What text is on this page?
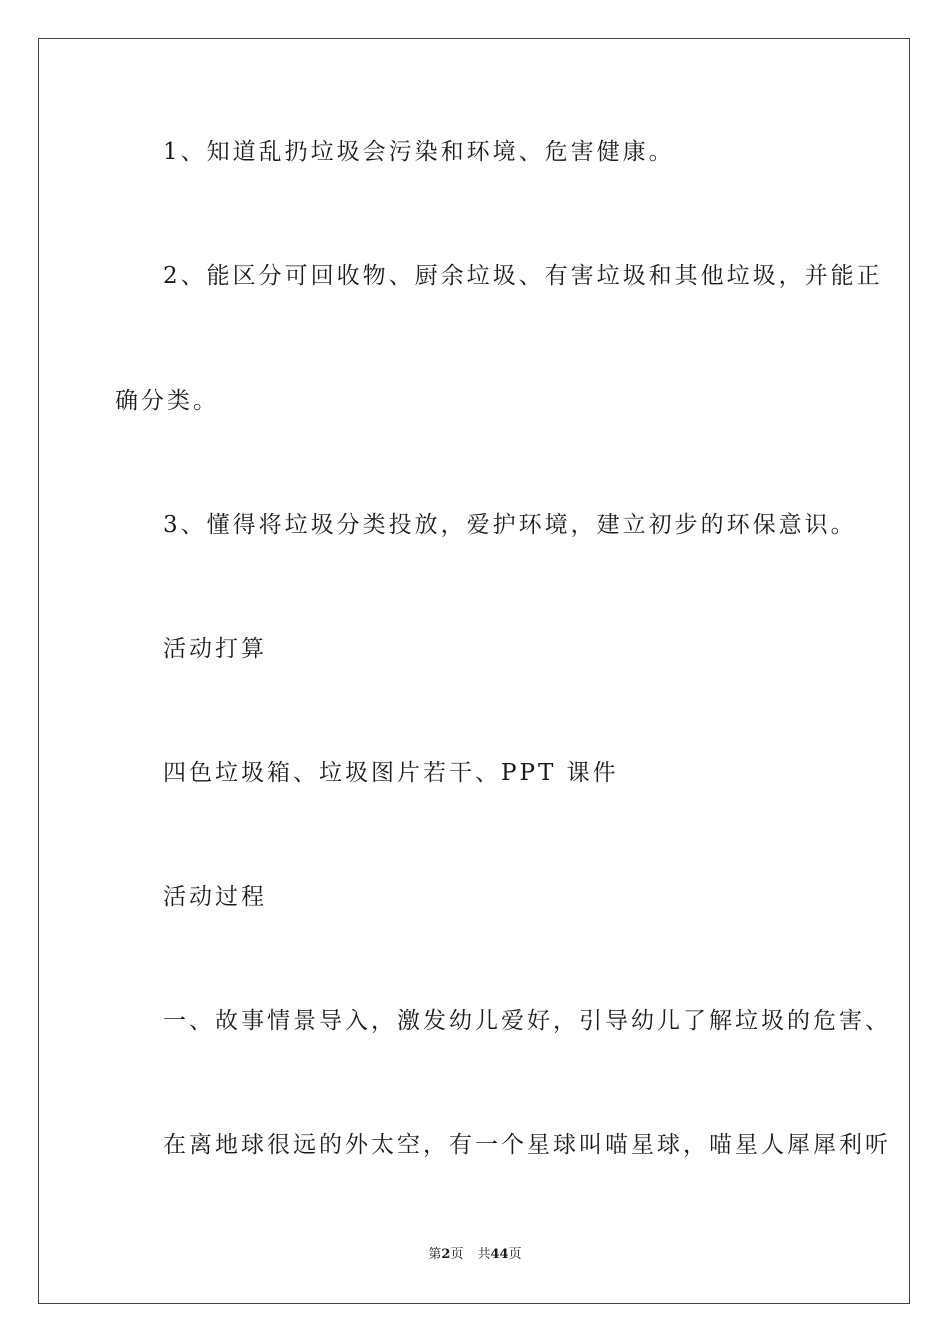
1、知道乱扔垃圾会污染和环境、危害健康。
2、能区分可回收物、厨余垃圾、有害垃圾和其他垃圾，并能正
确分类。
3、懂得将垃圾分类投放，爱护环境，建立初步的环保意识。
活动打算
四色垃圾箱、垃圾图片若干、PPT 课件
活动过程
一、故事情景导入，激发幼儿爱好，引导幼儿了解垃圾的危害、
在离地球很远的外太空，有一个星球叫喵星球，喵星人犀犀利听
第2页 共44页
